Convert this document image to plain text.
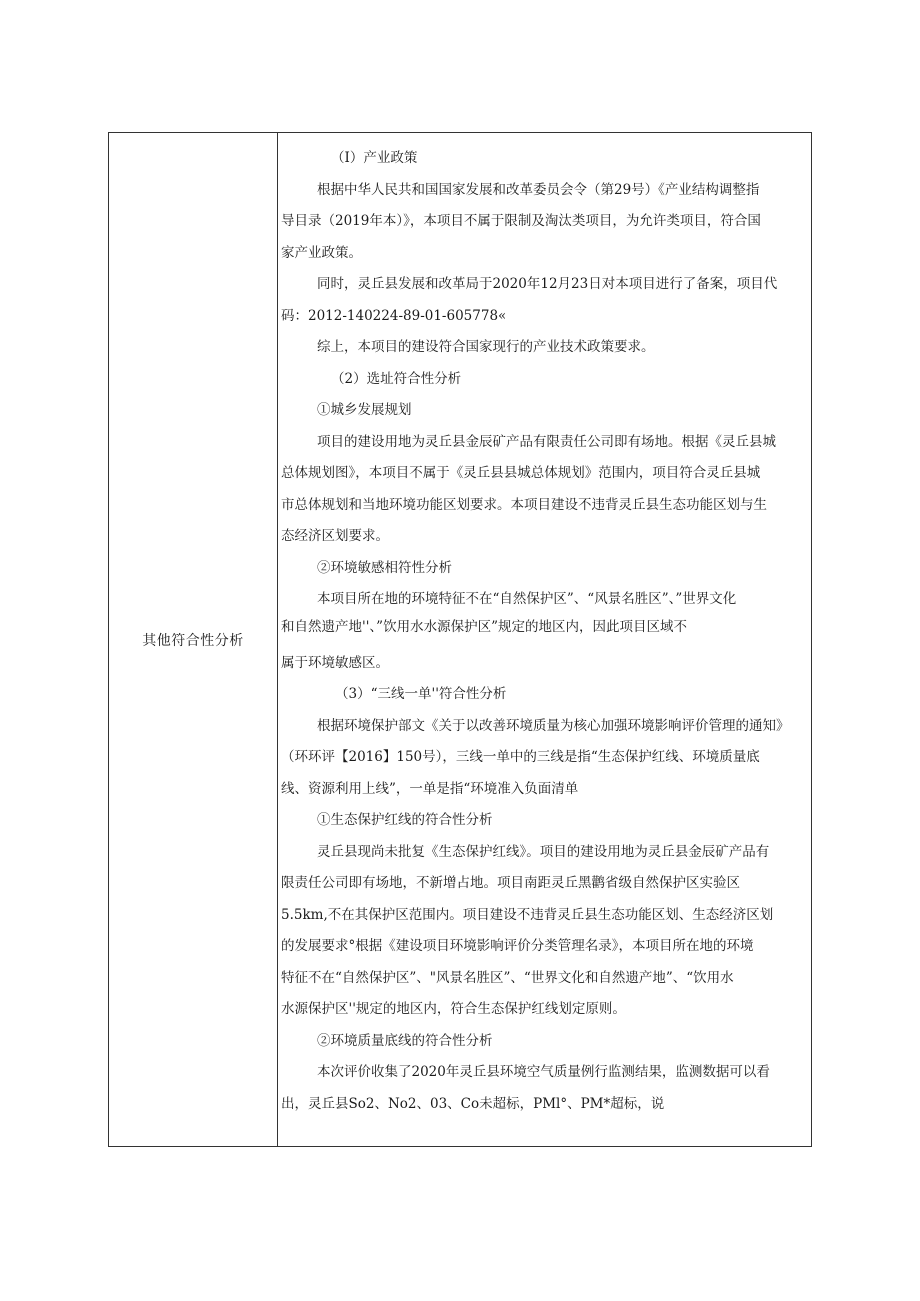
其他符合性分析
（I）产业政策
根据中华人民共和国国家发展和改革委员会令（第29号）《产业结构调整指
导目录（2019年本）》，本项目不属于限制及淘汰类项目，为允许类项目，符合国
家产业政策。
同时，灵丘县发展和改革局于2020年12月23日对本项目进行了备案，项目代
码：2012-140224-89-01-605778«
综上，本项目的建设符合国家现行的产业技术政策要求。
（2）选址符合性分析
①城乡发展规划
项目的建设用地为灵丘县金辰矿产品有限责任公司即有场地。根据《灵丘县城
总体规划图》，本项目不属于《灵丘县县城总体规划》范围内，项目符合灵丘县城
市总体规划和当地环境功能区划要求。本项目建设不违背灵丘县生态功能区划与生
态经济区划要求。
②环境敏感相符性分析
本项目所在地的环境特征不在“自然保护区”、“风景名胜区”、”世界文化
和自然遗产地''、”饮用水水源保护区”规定的地区内，因此项目区域不
属于环境敏感区。
（3）“三线一单''符合性分析
根据环境保护部文《关于以改善环境质量为核心加强环境影响评价管理的通知》
（环环评【2016】150号），三线一单中的三线是指“生态保护红线、环境质量底
线、资源利用上线”，一单是指“环境准入负面清单
①生态保护红线的符合性分析
灵丘县现尚未批复《生态保护红线》。项目的建设用地为灵丘县金辰矿产品有
限责任公司即有场地，不新增占地。项目南距灵丘黑鹳省级自然保护区实验区
5.5km,不在其保护区范围内。项目建设不违背灵丘县生态功能区划、生态经济区划
的发展要求°根据《建设项目环境影响评价分类管理名录》，本项目所在地的环境
特征不在“自然保护区”、"风景名胜区”、“世界文化和自然遗产地”、“饮用水
水源保护区''规定的地区内，符合生态保护红线划定原则。
②环境质量底线的符合性分析
本次评价收集了2020年灵丘县环境空气质量例行监测结果，监测数据可以看
出，灵丘县So2、No2、03、Co未超标，PMl°、PM*超标，说
